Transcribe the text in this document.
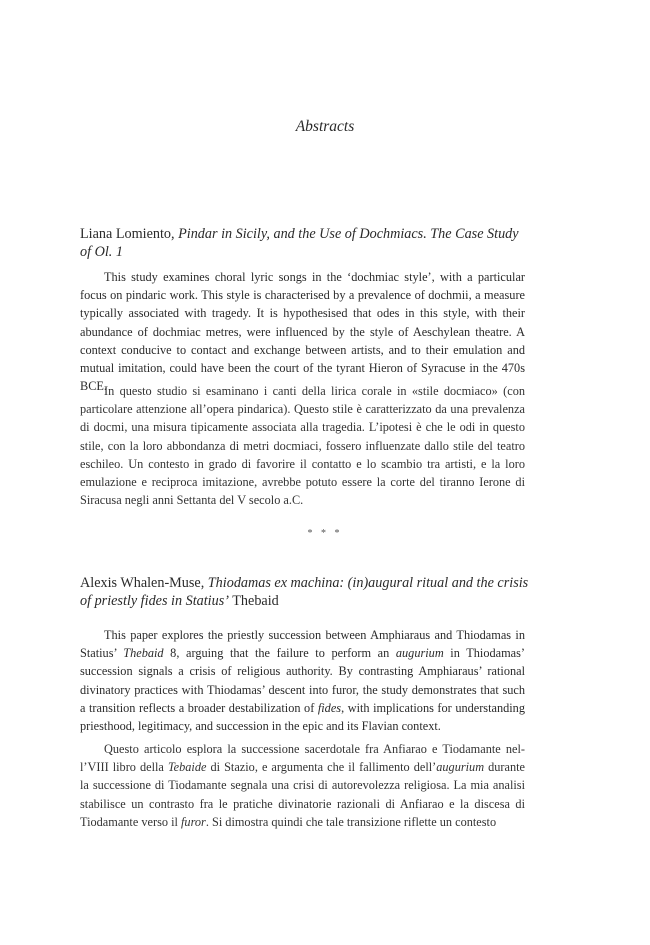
Abstracts
Liana Lomiento, Pindar in Sicily, and the Use of Dochmiacs. The Case Study of Ol. 1
This study examines choral lyric songs in the ‘dochmiac style’, with a particular focus on pindaric work. This style is characterised by a prevalence of dochmii, a measure typically associated with tragedy. It is hypothesised that odes in this style, with their abundance of dochmiac metres, were influenced by the style of Aeschylean theatre. A context conducive to contact and exchange between artists, and to their emulation and mutual imitation, could have been the court of the tyrant Hieron of Syracuse in the 470s BCE.
In questo studio si esaminano i canti della lirica corale in «stile docmiaco» (con particolare attenzione all’opera pindarica). Questo stile è caratterizzato da una prevalenza di docmi, una misura tipicamente associata alla tragedia. L’ipotesi è che le odi in questo stile, con la loro abbondanza di metri docmiaci, fossero influenzate dallo stile del teatro eschileo. Un contesto in grado di favorire il contatto e lo scambio tra artisti, e la loro emulazione e reciproca imitazione, avrebbe potuto essere la corte del tiranno Ierone di Siracusa negli anni Settanta del V secolo a.C.
* * *
Alexis Whalen-Muse, Thiodamas ex machina: (in)augural ritual and the crisis of priestly fides in Statius’ Thebaid
This paper explores the priestly succession between Amphiaraus and Thiodamas in Statius’ Thebaid 8, arguing that the failure to perform an augurium in Thiodamas’ succession signals a crisis of religious authority. By contrasting Amphiaraus’ rational divinatory practices with Thiodamas’ descent into furor, the study demonstrates that such a transition reflects a broader destabilization of fides, with implications for understanding priesthood, legitimacy, and succession in the epic and its Flavian context.
Questo articolo esplora la successione sacerdotale fra Anfiarao e Tiodamante nel-l’VIII libro della Tebaide di Stazio, e argumenta che il fallimento dell’augurium durante la successione di Tiodamante segnala una crisi di autorevolezza religiosa. La mia analisi stabilisce un contrasto fra le pratiche divinatorie razionali di Anfiarao e la discesa di Tiodamante verso il furor. Si dimostra quindi che tale transizione riflette un contesto
